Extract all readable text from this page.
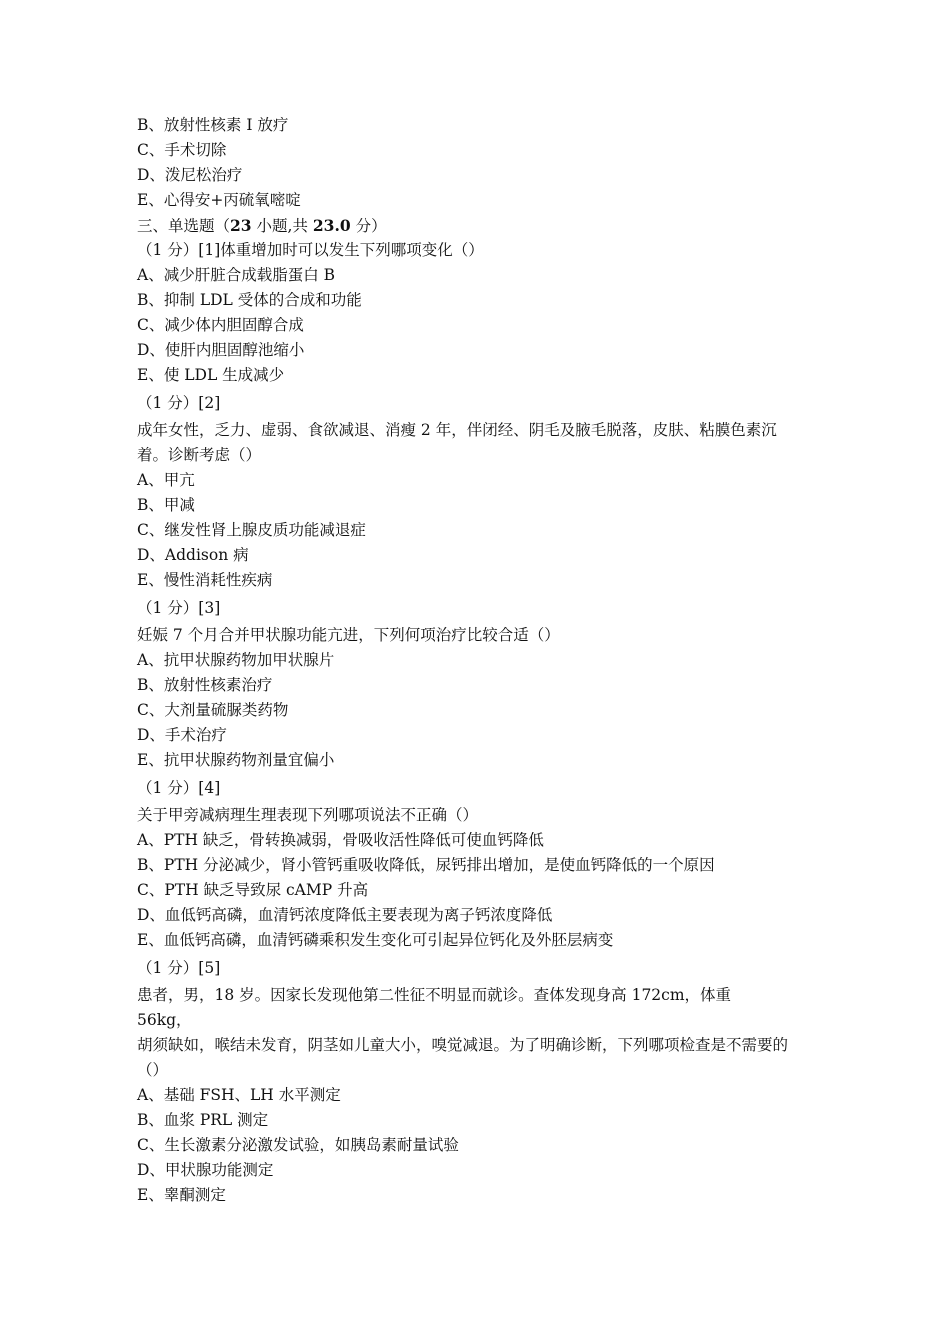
B、放射性核素 I 放疗
C、手术切除
D、泼尼松治疗
E、心得安+丙硫氧嘧啶
三、单选题（23 小题,共 23.0 分）
（1 分）[1]体重增加时可以发生下列哪项变化（）
A、减少肝脏合成载脂蛋白 B
B、抑制 LDL 受体的合成和功能
C、减少体内胆固醇合成
D、使肝内胆固醇池缩小
E、使 LDL 生成减少
（1 分）[2]
成年女性，乏力、虚弱、食欲减退、消瘦 2 年，伴闭经、阴毛及腋毛脱落，皮肤、粘膜色素沉着。诊断考虑（）
A、甲亢
B、甲减
C、继发性肾上腺皮质功能减退症
D、Addison 病
E、慢性消耗性疾病
（1 分）[3]
妊娠 7 个月合并甲状腺功能亢进，下列何项治疗比较合适（）
A、抗甲状腺药物加甲状腺片
B、放射性核素治疗
C、大剂量硫脲类药物
D、手术治疗
E、抗甲状腺药物剂量宜偏小
（1 分）[4]
关于甲旁减病理生理表现下列哪项说法不正确（）
A、PTH 缺乏，骨转换减弱，骨吸收活性降低可使血钙降低
B、PTH 分泌减少，肾小管钙重吸收降低，尿钙排出增加，是使血钙降低的一个原因
C、PTH 缺乏导致尿 cAMP 升高
D、血低钙高磷，血清钙浓度降低主要表现为离子钙浓度降低
E、血低钙高磷，血清钙磷乘积发生变化可引起异位钙化及外胚层病变
（1 分）[5]
患者，男，18 岁。因家长发现他第二性征不明显而就诊。查体发现身高 172cm，体重 56kg，
胡须缺如，喉结未发育，阴茎如儿童大小，嗅觉减退。为了明确诊断，下列哪项检查是不需要的（）
A、基础 FSH、LH 水平测定
B、血浆 PRL 测定
C、生长激素分泌激发试验，如胰岛素耐量试验
D、甲状腺功能测定
E、睾酮测定
